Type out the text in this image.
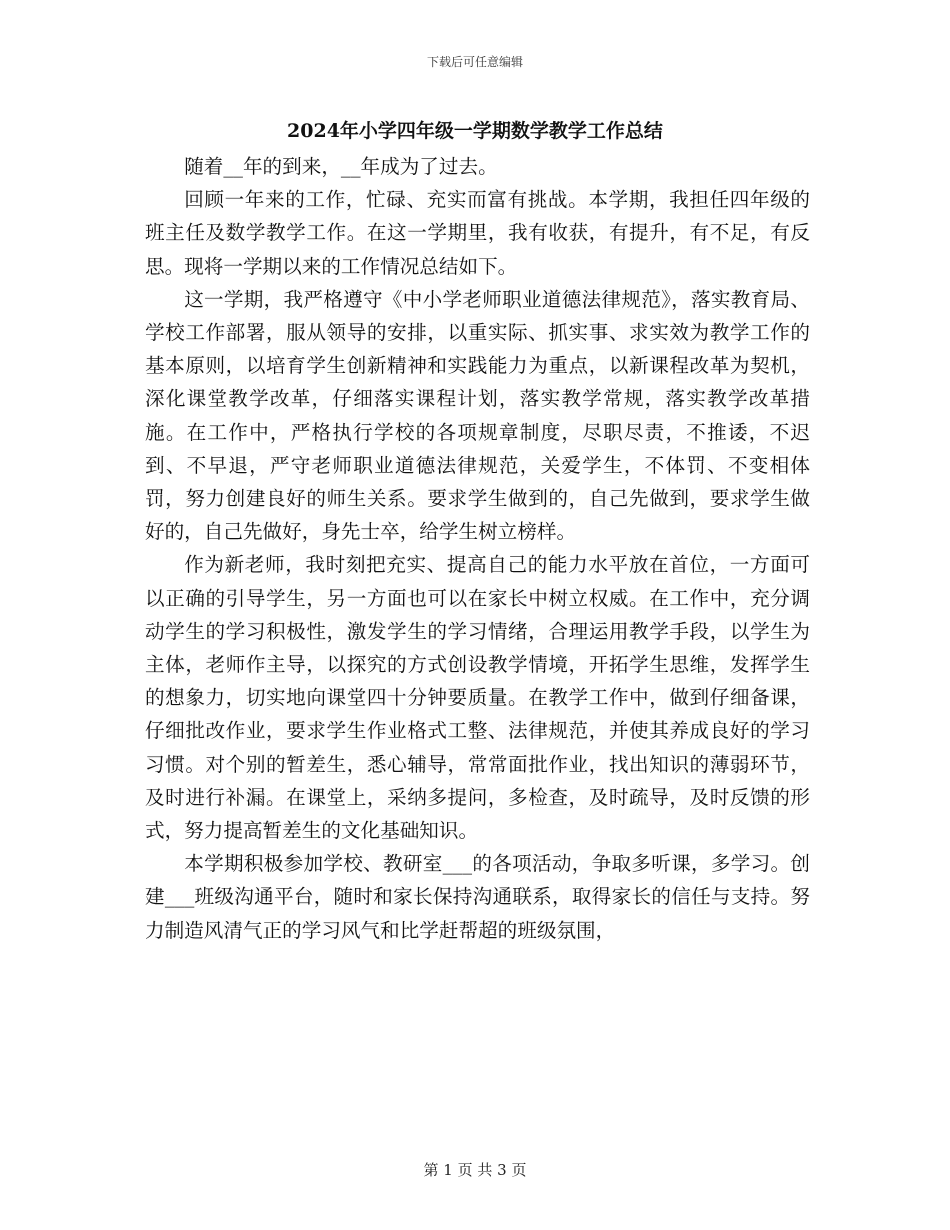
下载后可任意编辑
2024年小学四年级一学期数学教学工作总结

随着__年的到来，__年成为了过去。

回顾一年来的工作，忙碌、充实而富有挑战。本学期，我担任四年级的班主任及数学教学工作。在这一学期里，我有收获，有提升，有不足，有反思。现将一学期以来的工作情况总结如下。

这一学期，我严格遵守《中小学老师职业道德法律规范》，落实教育局、学校工作部署，服从领导的安排，以重实际、抓实事、求实效为教学工作的基本原则，以培育学生创新精神和实践能力为重点，以新课程改革为契机，深化课堂教学改革，仔细落实课程计划，落实教学常规，落实教学改革措施。在工作中，严格执行学校的各项规章制度，尽职尽责，不推诿，不迟到、不早退，严守老师职业道德法律规范，关爱学生，不体罚、不变相体罚，努力创建良好的师生关系。要求学生做到的，自己先做到，要求学生做好的，自己先做好，身先士卒，给学生树立榜样。

作为新老师，我时刻把充实、提高自己的能力水平放在首位，一方面可以正确的引导学生，另一方面也可以在家长中树立权威。在工作中，充分调动学生的学习积极性，激发学生的学习情绪，合理运用教学手段，以学生为主体，老师作主导，以探究的方式创设教学情境，开拓学生思维，发挥学生的想象力，切实地向课堂四十分钟要质量。在教学工作中，做到仔细备课，仔细批改作业，要求学生作业格式工整、法律规范，并使其养成良好的学习习惯。对个别的暂差生，悉心辅导，常常面批作业，找出知识的薄弱环节，及时进行补漏。在课堂上，采纳多提问，多检查，及时疏导，及时反馈的形式，努力提高暂差生的文化基础知识。

本学期积极参加学校、教研室___的各项活动，争取多听课，多学习。创建___班级沟通平台，随时和家长保持沟通联系，取得家长的信任与支持。努力制造风清气正的学习风气和比学赶帮超的班级氛围，

第 1 页 共 3 页
